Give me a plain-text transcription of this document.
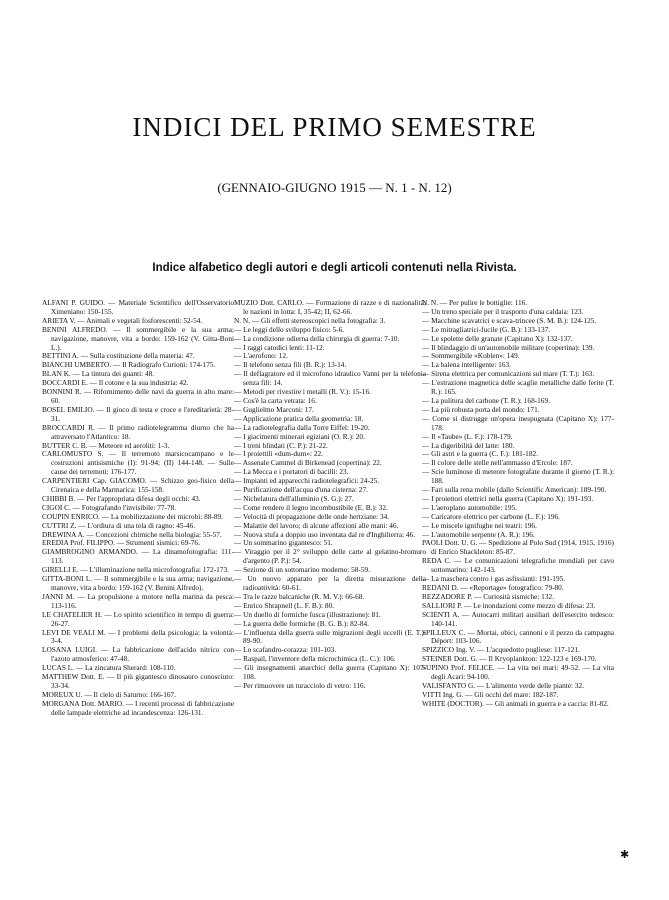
INDICI DEL PRIMO SEMESTRE
(GENNAIO-GIUGNO 1915 — N. 1 - N. 12)
Indice alfabetico degli autori e degli articoli contenuti nella Rivista.

ALFANI P. GUIDO. — Materiale Scientifico dell'Osservatorio Ximeniano: 150-155.

ARIETA V. — Animali e vegetali fosforescenti: 52-54.

BENINI ALFREDO. — Il sommergibile e la sua arma; navigazione, manovre, vita a bordo: 159-162 (V. Gitta-Boni L.).

BETTINI A. — Sulla costituzione della materia: 47.

BIANCHI UMBERTO. — Il Radiografo Curionì: 174-175.

BLAN K. — La tintura dei guanti: 48.

BOCCARDI E. — Il cotone e la sua industria: 42.

BONNINI R. — Rifornimento delle navi da guerra in alto mare: 60.

BOSEL EMILIO. — Il gioco di testa e croce e l'ereditarietà: 28-31.

BROCCARDI R. — Il primo radiotelegramma diurno che ha attraversato l'Atlantico: 18.

BUTTER C. B. — Meteore ed aeroliti: 1-3.

CARLOMUSTO S. — Il terremoto marsicocampano e le costruzioni antisismiche (I): 91-94; (II) 144-148. — Sulle cause dei terremoti: 176-177.

CARPENTIERI Cap. GIACOMO. — Schizzo geo-fisico della Cirenaica e della Marmarica: 155-158.

CHIBBI B. — Per l'appropriata difesa degli occhi: 43.

CIGOI C. — Fotografando l'invisibile: 77-78.

COUPIN ENRICO. — La mobilizzazione dei microbi: 88-89.

CUTTRI Z. — L'ordiura di una tela di ragno: 45-46.

DREWINA A. — Concezioni chimiche nella biologia: 55-57.

EREDIA Prof. FILIPPO. — Strumenti sismici: 69-76.

GIAMBROGINO ARMANDO. — La dinamofotografia: 111-113.

GIRELLI E. — L'illuminazione nella microfotografia: 172-173.

GITTA-BONI L. — Il sommergibile e la sua arma; navigazione, manovre, vita a bordo: 159-162 (V. Benini Alfredo).

JANNI M. — La propulsione a motore nella marina da pesca: 113-116.

LE CHATELIER H. — Lo spirito scientifico in tempo di guerra: 26-27.

LEVI DE VEALI M. — I problemi della psicologia: la volontà: 3-4.

LOSANA LUIGI. — La fabbricazione dell'acido nitrico con l'azoto atmosferico: 47-48.

LUCAS L. — La zincatura Sherard: 108-110.

MATTHEW Dott. E. — Il più gigantesco dinosauro conosciuto: 33-34.

MOREUX U. — Il cielo di Saturno: 166-167.

MORGANA Dott. MARIO. — I recenti processi di fabbricazione delle lampade elettriche ad incandescenza: 126-131.

MUZIO Dott. CARLO. — Formazione di razze e di nazionalità; le nazioni in lotta: I, 35-42; II, 62-66.

N. N. — Gli effetti stereoscopici nella fotografia: 3.

— Le leggi dello sviluppo fisico: 5-6.

— La condizione odierna della chirurgia di guerra: 7-10.

— I raggi catodici lenti: 11-12.

— L'aerofono: 12.

— Il telefono senza fili (B. R.): 13-14.

— Il deflagratore ed il microfono idraulico Vanni per la telefonia senza fili: 14.

— Metodi per rivestire i metalli (R. V.): 15-16.

— Cos'è la carta vetrata: 16.

— Guglielmo Marconi: 17.

— Applicazione pratica della geometria: 18.

— La radiotelegrafia dalla Torre Eiffel: 19-20.

— I giacimenti minerari egiziani (O. R.): 20.

— I treni blindati (C. P.): 21-22.

— I proiettili «dum-dum»: 22.

— Assenale Cammel di Birkenead (copertina): 22.

— La Mecca e i portatori di bacilli: 23.

— Impianti ed apparecchi radiotelegrafici: 24-25.

— Purificazione dell'acqua d'una cisterna: 27.

— Nichelatura dell'alluminio (S. G.): 27.

— Come rendere il legno incombustibile (E. B.): 32.

— Velocità di propagazione delle onde hertziane: 34.

— Malattie del lavoro; di alcune affezioni alle mani: 46.

— Nuova stufa a doppio uso inventata dal re d'Inghilterra: 46.

— Un sommarino gigantesco: 51.

— Viraggio per il 2° sviluppo delle carte al gelatino-bromuro d'argento (P. P.): 54.

— Sezione di un sottomarino moderno: 58-59.

— Un nuovo apparato per la diretta misurazione della radioattività: 60-61.

— Tra le razze balcaniche (R. M. V.): 66-68.

— Enrico Shrapnell (L. F. B.): 80.

— Un duello di formiche fusca (illustrazione): 81.

— La guerra delle formiche (B. G. B.): 82-84.

— L'influenza della guerra sulle migrazioni degli uccelli (E. T.): 89-90.

— Lo scafandro-corazza: 101-103.

— Raspail, l'inventore della microchimica (L. C.): 106.

— Gli insegnamenti anarchici della guerra (Capitano X): 107-108.

— Per rimuovere un turacciolo di vetro: 116.

N. N. — Per pulire le bottiglie: 116.

— Un treno speciale per il trasporto d'una caldaia: 123.

— Macchine scavatrici e scava-trincee (S. M. B.): 124-125.

— Le mitragliatrici-fucile (G. B.): 133-137.

— Le spolette delle granate (Capitano X): 132-137.

— Il blindaggio di un'automobile militare (copertina): 139.

— Sommergibile «Koblen»: 149.

— La balena intelligente: 163.

— Sirena elettrica per comunicazioni sul mare (T. T.): 163.

— L'estrazione magnetica delle scaglie metalliche dalle ferite (T. R.): 165.

— La pulitura del carbone (T. R.): 168-169.

— La più robusta porta del mondo: 171.

— Come si distrugge un'opera inespugnata (Capitano X): 177-178.

— Il «Taube» (L. F.): 178-179.

— La digeribilità del latte: 180.

— Gli astri e la guerra (C. F.): 181-182.

— Il colore delle stelle nell'ammasso d'Ercole: 187.

— Scie luminose di meteore fotografate durante il giorno (T. R.): 188.

— Fari sulla rena mobile (dallo Scientific American): 189-190.

— I proiettori elettrici nella guerra (Capitano X): 191-193.

— L'aeroplano automobile: 195.

— Caricatore elettrico per carbone (L. F.): 196.

— Le miscele ignifughe nei teatri: 196.

— L'automobile serpente (A. R.): 196.

PAOLI Dott. U. G. — Spedizione al Polo Sud (1914, 1915, 1916) di Enrico Shackleton: 85-87.

REDA C. — Le comunicazioni telegrafiche mondiali per cavo sottomarino: 142-143.

— La maschera contro i gas asfissianti: 191-195.

REDANI D. — «Reportage» fotografico: 79-80.

REZZADORE P. — Curiosità sismiche: 132.

SALLIORI P. — Le inondazioni come mezzo di difesa: 23.

SCIENTI A. — Autocarri militari ausiliari dell'esercito tedesco: 140-141.

SPILLEUX C. — Mortai, obici, cannoni e il pezzo da campagna Déport: 103-106.

SPIZZICO Ing. V. — L'acquedotto pugliese: 117-121.

STEINER Dott. G. — Il Kryoplankton: 122-123 e 169-170.

SUPINO Prof. FELICE. — La vita nei mari: 49-52. — La vita degli Acari: 94-100.

VALISFANTO G. — L'alimento verde delle piante: 32.

VITTI Ing. G. — Gli occhi del mare: 182-187.

WHITE (DOCTOR). — Gli animali in guerra e a caccia: 81-82.

✱
